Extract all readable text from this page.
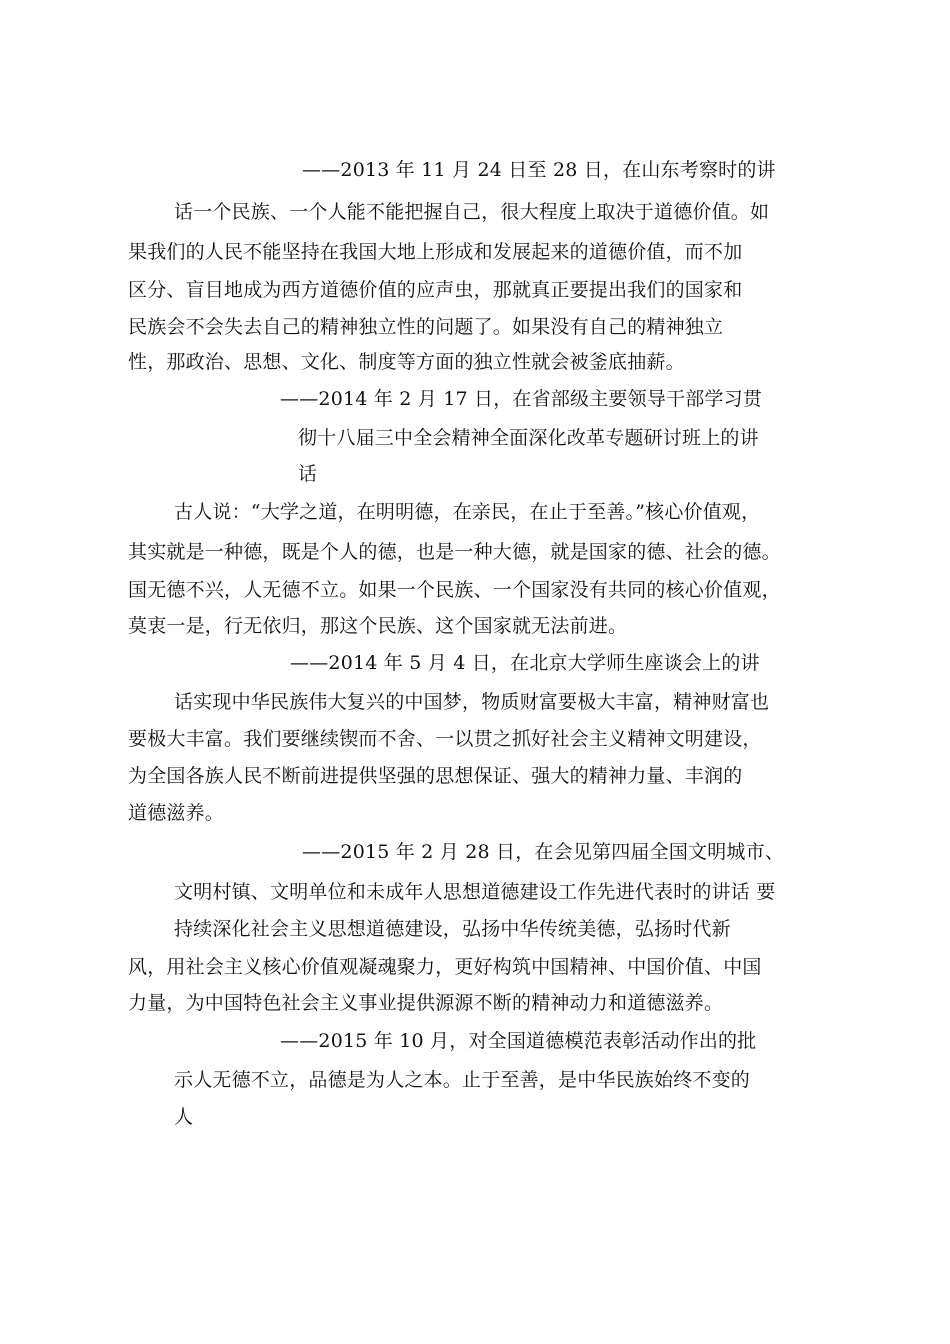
——2013 年 11 月 24 日至 28 日，在山东考察时的讲
话一个民族、一个人能不能把握自己，很大程度上取决于道德价值。如
果我们的人民不能坚持在我国大地上形成和发展起来的道德价值，而不加
区分、盲目地成为西方道德价值的应声虫，那就真正要提出我们的国家和
民族会不会失去自己的精神独立性的问题了。如果没有自己的精神独立
性，那政治、思想、文化、制度等方面的独立性就会被釜底抽薪。
——2014 年 2 月 17 日，在省部级主要领导干部学习贯
彻十八届三中全会精神全面深化改革专题研讨班上的讲
话
古人说：“大学之道，在明明德，在亲民，在止于至善。”核心价值观，
其实就是一种德，既是个人的德，也是一种大德，就是国家的德、社会的德。
国无德不兴，人无德不立。如果一个民族、一个国家没有共同的核心价值观，
莫衷一是，行无依归，那这个民族、这个国家就无法前进。
——2014 年 5 月 4 日，在北京大学师生座谈会上的讲
话实现中华民族伟大复兴的中国梦，物质财富要极大丰富，精神财富也
要极大丰富。我们要继续锲而不舍、一以贯之抓好社会主义精神文明建设，
为全国各族人民不断前进提供坚强的思想保证、强大的精神力量、丰润的
道德滋养。
——2015 年 2 月 28 日，在会见第四届全国文明城市、
文明村镇、文明单位和未成年人思想道德建设工作先进代表时的讲话 要
持续深化社会主义思想道德建设，弘扬中华传统美德，弘扬时代新
风，用社会主义核心价值观凝魂聚力，更好构筑中国精神、中国价值、中国
力量，为中国特色社会主义事业提供源源不断的精神动力和道德滋养。
——2015 年 10 月，对全国道德模范表彰活动作出的批
示人无德不立，品德是为人之本。止于至善，是中华民族始终不变的
人
